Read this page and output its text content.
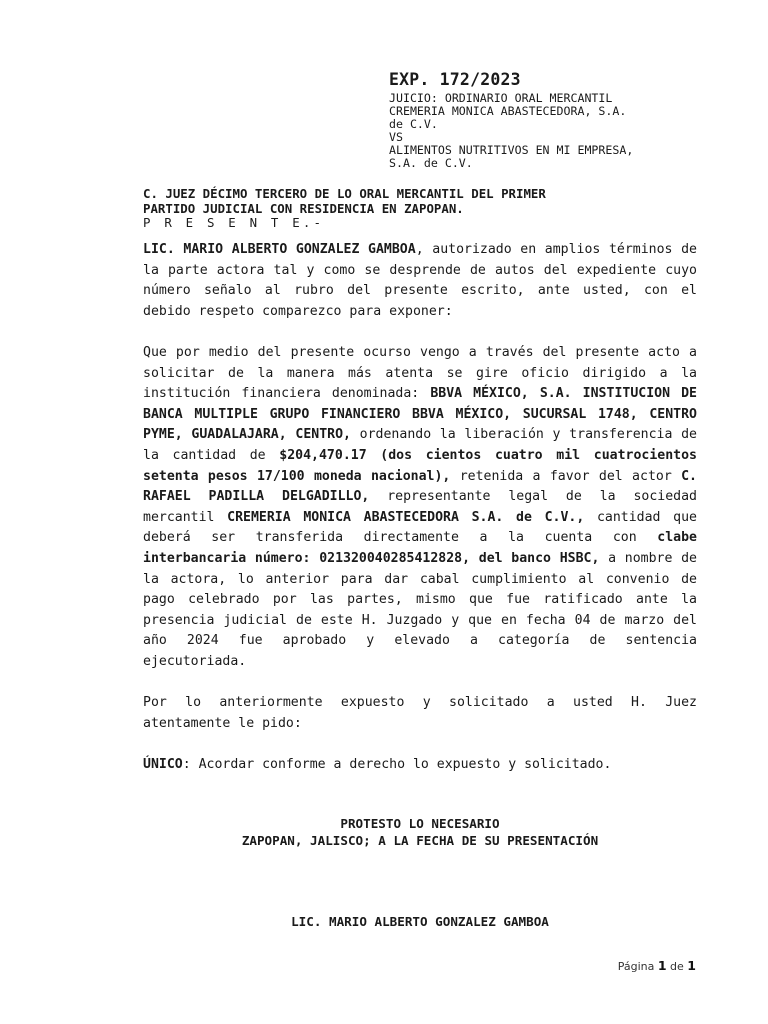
EXP. 172/2023
JUICIO: ORDINARIO ORAL MERCANTIL
CREMERIA MONICA ABASTECEDORA, S.A.
de C.V.
VS
ALIMENTOS NUTRITIVOS EN MI EMPRESA,
S.A. de C.V.
C. JUEZ DÉCIMO TERCERO DE LO ORAL MERCANTIL DEL PRIMER
PARTIDO JUDICIAL CON RESIDENCIA EN ZAPOPAN.
P R E S E N T E.-

LIC. MARIO ALBERTO GONZALEZ GAMBOA, autorizado en amplios términos de la parte actora tal y como se desprende de autos del expediente cuyo número señalo al rubro del presente escrito, ante usted, con el debido respeto comparezco para exponer:

Que por medio del presente ocurso vengo a través del presente acto a solicitar de la manera más atenta se gire oficio dirigido a la institución financiera denominada: BBVA MÉXICO, S.A. INSTITUCION DE BANCA MULTIPLE GRUPO FINANCIERO BBVA MÉXICO, SUCURSAL 1748, CENTRO PYME, GUADALAJARA, CENTRO, ordenando la liberación y transferencia de la cantidad de $204,470.17 (dos cientos cuatro mil cuatrocientos setenta pesos 17/100 moneda nacional), retenida a favor del actor C. RAFAEL PADILLA DELGADILLO, representante legal de la sociedad mercantil CREMERIA MONICA ABASTECEDORA S.A. de C.V., cantidad que deberá ser transferida directamente a la cuenta con clabe interbancaria número: 021320040285412828, del banco HSBC, a nombre de la actora, lo anterior para dar cabal cumplimiento al convenio de pago celebrado por las partes, mismo que fue ratificado ante la presencia judicial de este H. Juzgado y que en fecha 04 de marzo del año 2024 fue aprobado y elevado a categoría de sentencia ejecutoriada.

Por lo anteriormente expuesto y solicitado a usted H. Juez atentamente le pido:

ÚNICO: Acordar conforme a derecho lo expuesto y solicitado.

PROTESTO LO NECESARIO
ZAPOPAN, JALISCO; A LA FECHA DE SU PRESENTACIÓN
LIC. MARIO ALBERTO GONZALEZ GAMBOA
Página 1 de 1
